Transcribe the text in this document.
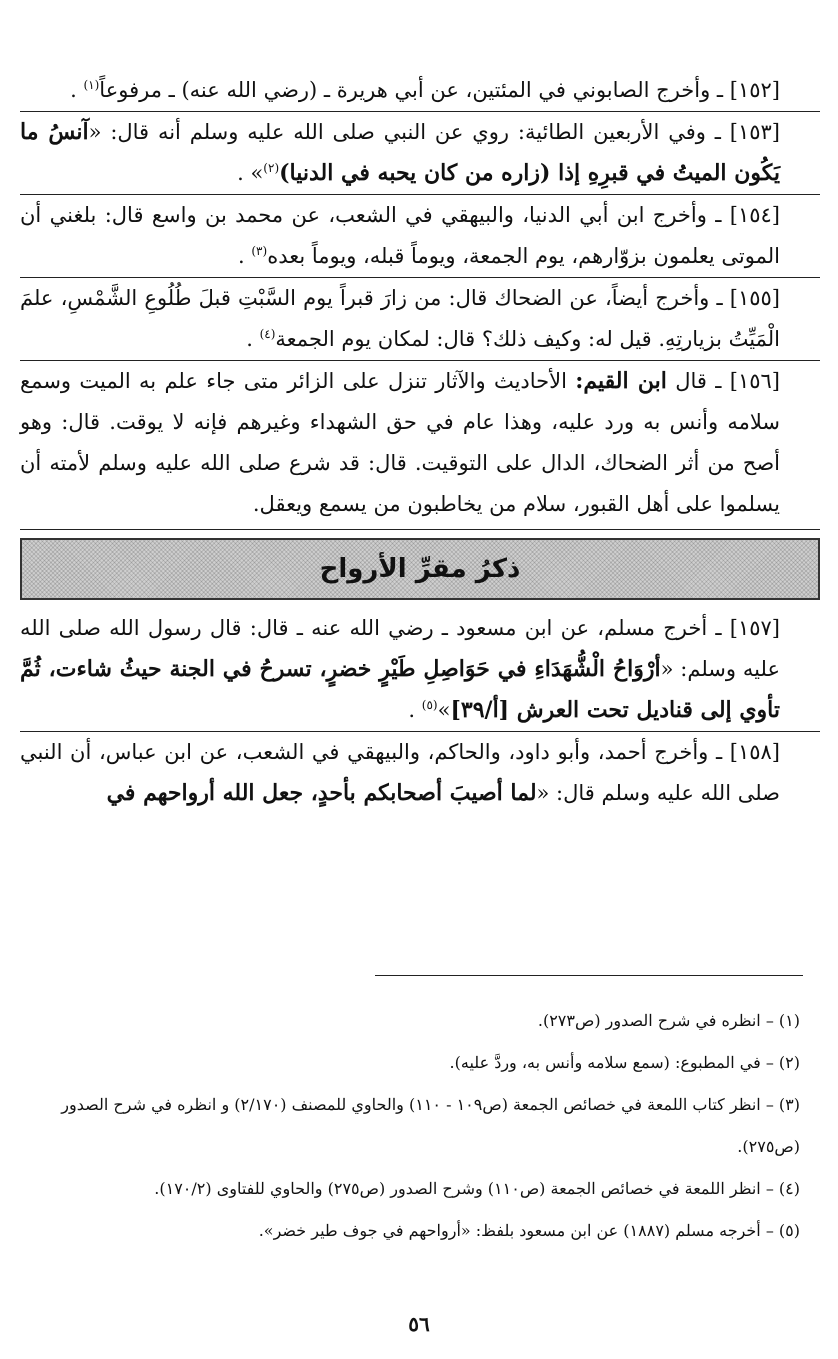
[١٥٢] ـ وأخرج الصابوني في المئتين، عن أبي هريرة ـ (رضي الله عنه) ـ مرفوعاً$^{(١)}$ .

[١٥٣] ـ وفي الأربعين الطائية: روي عن النبي صلى الله عليه وسلم أنه قال: «آنسُ ما يَكُون الميتُ في قبرِهِ إذا (زاره من كان يحبه في الدنيا)$^{(٢)}$» .

[١٥٤] ـ وأخرج ابن أبي الدنيا، والبيهقي في الشعب، عن محمد بن واسع قال: بلغني أن الموتى يعلمون بزوّارهم، يوم الجمعة، ويوماً قبله، ويوماً بعده$^{(٣)}$ .

[١٥٥] ـ وأخرج أيضاً، عن الضحاك قال: من زارَ قبراً يوم السَّبْتِ قبلَ طُلُوعِ الشَّمْسِ، علمَ الْمَيِّتُ بزيارتِهِ. قيل له: وكيف ذلك؟ قال: لمكان يوم الجمعة$^{(٤)}$ .

[١٥٦] ـ قال ابن القيم: الأحاديث والآثار تنزل على الزائر متى جاء علم به الميت وسمع سلامه وأنس به ورد عليه، وهذا عام في حق الشهداء وغيرهم فإنه لا يوقت. قال: وهو أصح من أثر الضحاك، الدال على التوقيت. قال: قد شرع صلى الله عليه وسلم لأمته أن يسلموا على أهل القبور، سلام من يخاطبون من يسمع ويعقل.

ذكرُ مقرِّ الأرواح

[١٥٧] ـ أخرج مسلم، عن ابن مسعود ـ رضي الله عنه ـ قال: قال رسول الله صلى الله عليه وسلم: «أرْوَاحُ الْشُّهَدَاءِ في حَوَاصِلِ طَيْرٍ خضرٍ، تسرحُ في الجنة حيثُ شاءت، ثُمَّ تأوي إلى قناديل تحت العرش [أ/٣٩]»$^{(٥)}$ .

[١٥٨] ـ وأخرج أحمد، وأبو داود، والحاكم، والبيهقي في الشعب، عن ابن عباس، أن النبي صلى الله عليه وسلم قال: «لما أصيبَ أصحابكم بأحدٍ، جعل الله أرواحهم في

(١) – انظره في شرح الصدور (ص٢٧٣).

(٢) – في المطبوع: (سمع سلامه وأنس به، وردَّ عليه).

(٣) – انظر كتاب اللمعة في خصائص الجمعة (ص١٠٩ - ١١٠) والحاوي للمصنف (٢/١٧٠) و انظره في شرح الصدور (ص٢٧٥).

(٤) – انظر اللمعة في خصائص الجمعة (ص١١٠) وشرح الصدور (ص٢٧٥) والحاوي للفتاوى (١٧٠/٢).

(٥) – أخرجه مسلم (١٨٨٧) عن ابن مسعود بلفظ: «أرواحهم في جوف طير خضر».

٥٦
